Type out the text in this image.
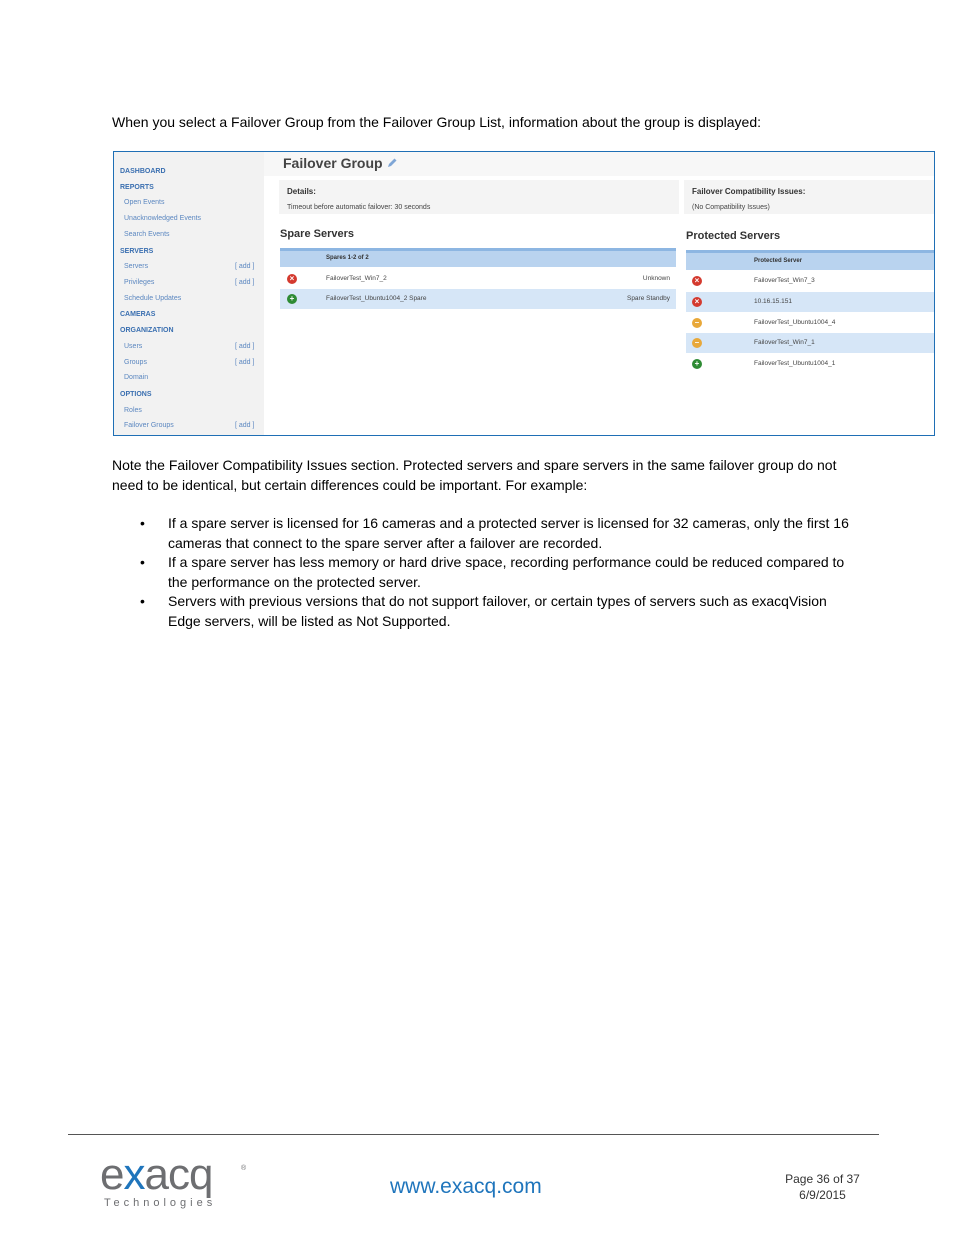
When you select a Failover Group from the Failover Group List, information about the group is displayed:
DASHBOARD
REPORTS
Open Events
Unacknowledged Events
Search Events
SERVERS
Servers	[ add ]
Privileges	[ add ]
Schedule Updates
CAMERAS
ORGANIZATION
Users	[ add ]
Groups	[ add ]
Domain
OPTIONS
Roles
Failover Groups	[ add ]
Failover Group
Details:
Timeout before automatic failover: 30 seconds
Failover Compatibility Issues:
(No Compatibility Issues)
Spare Servers
Spares 1-2 of 2
×	FailoverTest_Win7_2	Unknown
+	FailoverTest_Ubuntu1004_2 Spare	Spare Standby
Protected Servers
Protected Server
×	FailoverTest_Win7_3
×	10.16.15.151
–	FailoverTest_Ubuntu1004_4
–	FailoverTest_Win7_1
+	FailoverTest_Ubuntu1004_1
Note the Failover Compatibility Issues section. Protected servers and spare servers in the same failover group do not need to be identical, but certain differences could be important. For example:
• If a spare server is licensed for 16 cameras and a protected server is licensed for 32 cameras, only the first 16 cameras that connect to the spare server after a failover are recorded.
• If a spare server has less memory or hard drive space, recording performance could be reduced compared to the performance on the protected server.
• Servers with previous versions that do not support failover, or certain types of servers such as exacqVision Edge servers, will be listed as Not Supported.
exacq	®
Technologies
www.exacq.com	Page 36 of 37
6/9/2015
